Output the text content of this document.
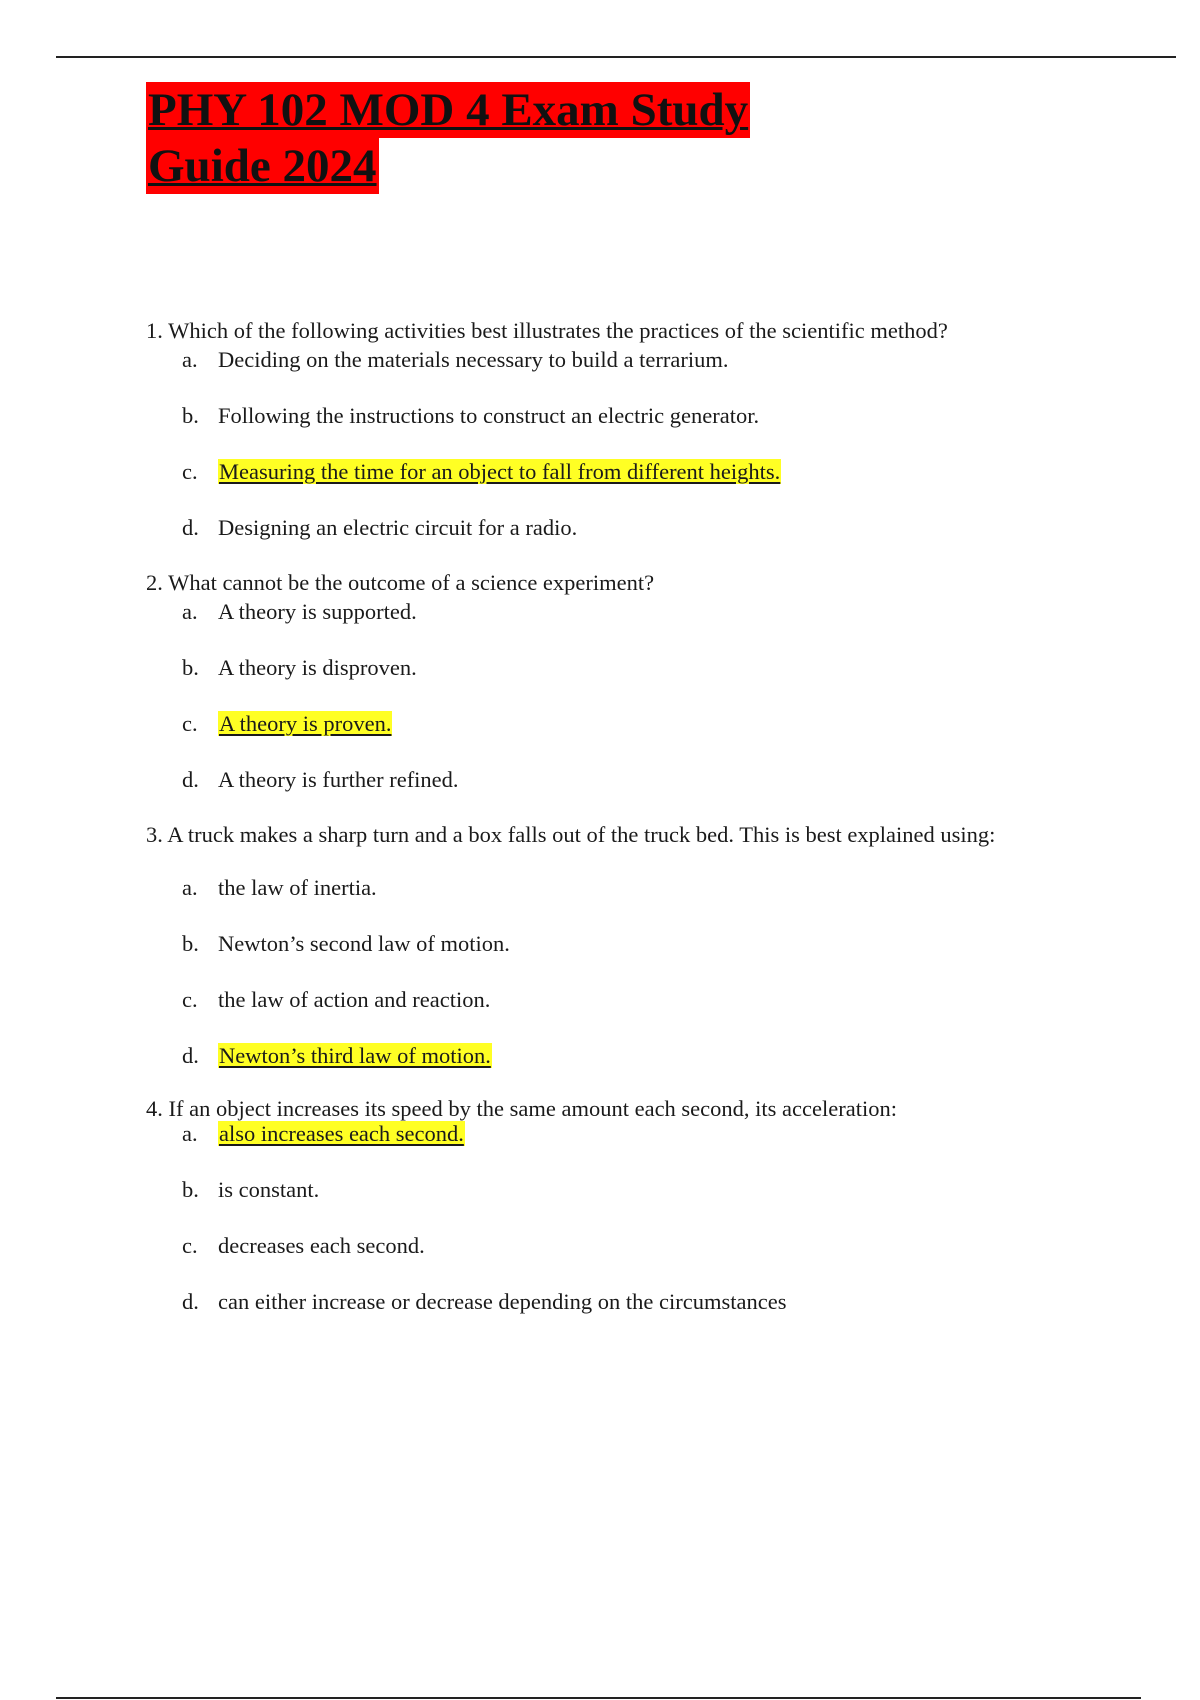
PHY 102 MOD 4 Exam Study
Guide 2024
1. Which of the following activities best illustrates the practices of the scientific method?
a. Deciding on the materials necessary to build a terrarium.
b. Following the instructions to construct an electric generator.
c. Measuring the time for an object to fall from different heights.
d. Designing an electric circuit for a radio.
2. What cannot be the outcome of a science experiment?
a. A theory is supported.
b. A theory is disproven.
c. A theory is proven.
d. A theory is further refined.
3. A truck makes a sharp turn and a box falls out of the truck bed. This is best explained using:
a. the law of inertia.
b. Newton’s second law of motion.
c. the law of action and reaction.
d. Newton’s third law of motion.
4. If an object increases its speed by the same amount each second, its acceleration:
a. also increases each second.
b. is constant.
c. decreases each second.
d. can either increase or decrease depending on the circumstances
